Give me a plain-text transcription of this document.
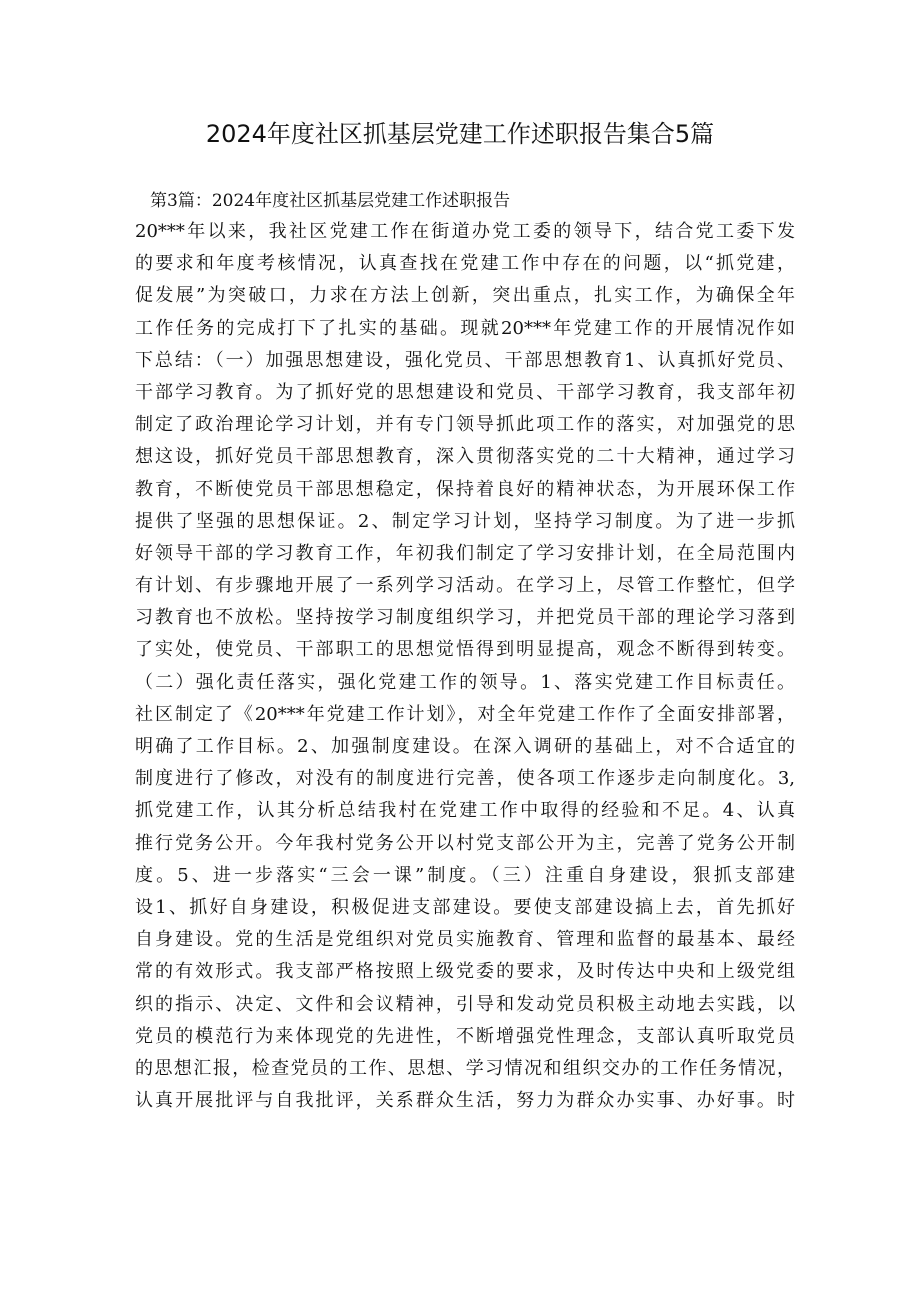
2024年度社区抓基层党建工作述职报告集合5篇
第3篇：2024年度社区抓基层党建工作述职报告
20***年以来，我社区党建工作在街道办党工委的领导下，结合党工委下发
的要求和年度考核情况，认真查找在党建工作中存在的问题，以“抓党建，
促发展”为突破口，力求在方法上创新，突出重点，扎实工作，为确保全年
工作任务的完成打下了扎实的基础。现就20***年党建工作的开展情况作如
下总结：（一）加强思想建设，强化党员、干部思想教育1、认真抓好党员、
干部学习教育。为了抓好党的思想建设和党员、干部学习教育，我支部年初
制定了政治理论学习计划，并有专门领导抓此项工作的落实，对加强党的思
想这设，抓好党员干部思想教育，深入贯彻落实党的二十大精神，通过学习
教育，不断使党员干部思想稳定，保持着良好的精神状态，为开展环保工作
提供了坚强的思想保证。2、制定学习计划，坚持学习制度。为了进一步抓
好领导干部的学习教育工作，年初我们制定了学习安排计划，在全局范围内
有计划、有步骤地开展了一系列学习活动。在学习上，尽管工作整忙，但学
习教育也不放松。坚持按学习制度组织学习，并把党员干部的理论学习落到
了实处，使党员、干部职工的思想觉悟得到明显提高，观念不断得到转变。
（二）强化责任落实，强化党建工作的领导。1、落实党建工作目标责任。
社区制定了《20***年党建工作计划》，对全年党建工作作了全面安排部署，
明确了工作目标。2、加强制度建设。在深入调研的基础上，对不合适宜的
制度进行了修改，对没有的制度进行完善，使各项工作逐步走向制度化。3,
抓党建工作，认其分析总结我村在党建工作中取得的经验和不足。4、认真
推行党务公开。今年我村党务公开以村党支部公开为主，完善了党务公开制
度。5、进一步落实“三会一课”制度。（三）注重自身建设，狠抓支部建
设1、抓好自身建设，积极促进支部建设。要使支部建设搞上去，首先抓好
自身建设。党的生活是党组织对党员实施教育、管理和监督的最基本、最经
常的有效形式。我支部严格按照上级党委的要求，及时传达中央和上级党组
织的指示、决定、文件和会议精神，引导和发动党员积极主动地去实践，以
党员的模范行为来体现党的先进性，不断增强党性理念，支部认真听取党员
的思想汇报，检查党员的工作、思想、学习情况和组织交办的工作任务情况，
认真开展批评与自我批评，关系群众生活，努力为群众办实事、办好事。时
